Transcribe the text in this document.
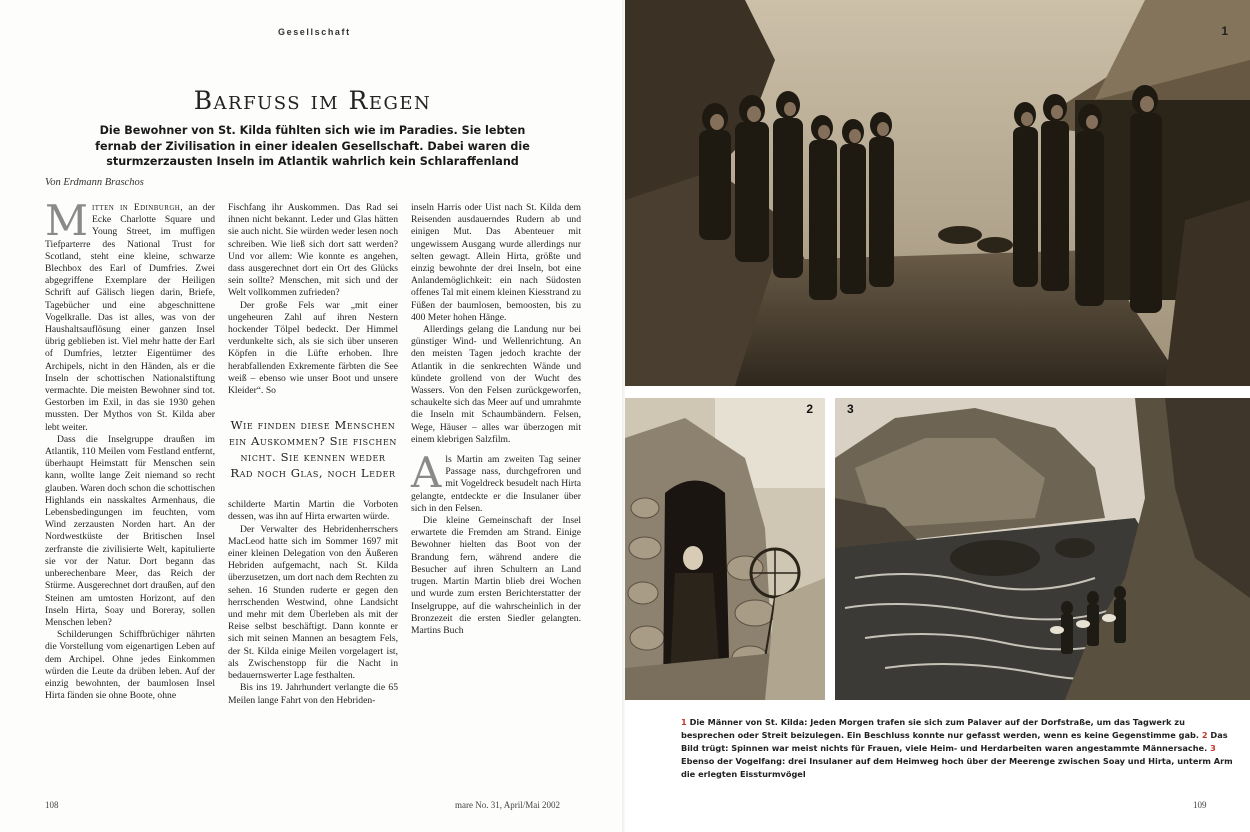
Gesellschaft
Barfuss im Regen
Die Bewohner von St. Kilda fühlten sich wie im Paradies. Sie lebten fernab der Zivilisation in einer idealen Gesellschaft. Dabei waren die sturmzerzausten Inseln im Atlantik wahrlich kein Schlaraffenland
Von Erdmann Braschos

Mitten in Edinburgh, an der Ecke Charlotte Square und Young Street, im muffigen Tiefparterre des National Trust for Scotland, steht eine kleine, schwarze Blechbox des Earl of Dumfries. Zwei abgegriffene Exemplare der Heiligen Schrift auf Gälisch liegen darin, Briefe, Tagebücher und eine abgeschnittene Vogelkralle. Das ist alles, was von der Haushaltsauflösung einer ganzen Insel übrig geblieben ist. Viel mehr hatte der Earl of Dumfries, letzter Eigentümer des Archipels, nicht in den Händen, als er die Inseln der schottischen Nationalstiftung vermachte. Die meisten Bewohner sind tot. Gestorben im Exil, in das sie 1930 gehen mussten. Der Mythos von St. Kilda aber lebt weiter.

Dass die Inselgruppe draußen im Atlantik, 110 Meilen vom Festland entfernt, überhaupt Heimstatt für Menschen sein kann, wollte lange Zeit niemand so recht glauben. Waren doch schon die schottischen Highlands ein nasskaltes Armenhaus, die Lebensbedingungen im feuchten, vom Wind zerzausten Norden hart. An der Nordwestküste der Britischen Insel zerfranste die zivilisierte Welt, kapitulierte sie vor der Natur. Dort begann das unberechenbare Meer, das Reich der Stürme. Ausgerechnet dort draußen, auf den Steinen am umtosten Horizont, auf den Inseln Hirta, Soay und Boreray, sollen Menschen leben?

Schilderungen Schiffbrüchiger nährten die Vorstellung vom eigenartigen Leben auf dem Archipel. Ohne jedes Einkommen würden die Leute da drüben leben. Auf der einzig bewohnten, der baumlosen Insel Hirta fänden sie ohne Boote, ohne

Fischfang ihr Auskommen. Das Rad sei ihnen nicht bekannt. Leder und Glas hätten sie auch nicht. Sie würden weder lesen noch schreiben. Wie ließ sich dort satt werden? Und vor allem: Wie konnte es angehen, dass ausgerechnet dort ein Ort des Glücks sein sollte? Menschen, mit sich und der Welt vollkommen zufrieden?

Der große Fels war „mit einer ungeheuren Zahl auf ihren Nestern hockender Tölpel bedeckt. Der Himmel verdunkelte sich, als sie sich über unseren Köpfen in die Lüfte erhoben. Ihre herabfallenden Exkremente färbten die See weiß – ebenso wie unser Boot und unsere Kleider“. So

Wie finden diese Menschen ein Auskommen? Sie fischen nicht. Sie kennen weder Rad noch Glas, noch Leder

schilderte Martin Martin die Vorboten dessen, was ihn auf Hirta erwarten würde.

Der Verwalter des Hebridenherrschers MacLeod hatte sich im Sommer 1697 mit einer kleinen Delegation von den Äußeren Hebriden aufgemacht, nach St. Kilda überzusetzen, um dort nach dem Rechten zu sehen. 16 Stunden ruderte er gegen den herrschenden Westwind, ohne Landsicht und mehr mit dem Überleben als mit der Reise selbst beschäftigt. Dann konnte er sich mit seinen Mannen an besagtem Fels, der St. Kilda einige Meilen vorgelagert ist, als Zwischenstopp für die Nacht in bedauernswerter Lage festhalten.

Bis ins 19. Jahrhundert verlangte die 65 Meilen lange Fahrt von den Hebriden-

inseln Harris oder Uist nach St. Kilda dem Reisenden ausdauerndes Rudern ab und einigen Mut. Das Abenteuer mit ungewissem Ausgang wurde allerdings nur selten gewagt. Allein Hirta, größte und einzig bewohnte der drei Inseln, bot eine Anlandemöglichkeit: ein nach Südosten offenes Tal mit einem kleinen Kiesstrand zu Füßen der baumlosen, bemoosten, bis zu 400 Meter hohen Hänge.

Allerdings gelang die Landung nur bei günstiger Wind- und Wellenrichtung. An den meisten Tagen jedoch krachte der Atlantik in die senkrechten Wände und kündete grollend von der Wucht des Wassers. Von den Felsen zurückgeworfen, schaukelte sich das Meer auf und umrahmte die Inseln mit Schaumbändern. Felsen, Wege, Häuser – alles war überzogen mit einem klebrigen Salzfilm.

Als Martin am zweiten Tag seiner Passage nass, durchgefroren und mit Vogeldreck besudelt nach Hirta gelangte, entdeckte er die Insulaner über sich in den Felsen.

Die kleine Gemeinschaft der Insel erwartete die Fremden am Strand. Einige Bewohner hielten das Boot von der Brandung fern, während andere die Besucher auf ihren Schultern an Land trugen. Martin Martin blieb drei Wochen und wurde zum ersten Berichterstatter der Inselgruppe, auf die wahrscheinlich in der Bronzezeit die ersten Siedler gelangten. Martins Buch

108	mare No. 31, April/Mai 2002
1
2	3
1 Die Männer von St. Kilda: Jeden Morgen trafen sie sich zum Palaver auf der Dorfstraße, um das Tagwerk zu besprechen oder Streit beizulegen. Ein Beschluss konnte nur gefasst werden, wenn es keine Gegenstimme gab. 2 Das Bild trügt: Spinnen war meist nichts für Frauen, viele Heim- und Herdarbeiten waren angestammte Männersache. 3 Ebenso der Vogelfang: drei Insulaner auf dem Heimweg hoch über der Meerenge zwischen Soay und Hirta, unterm Arm die erlegten Eissturmvögel
109
